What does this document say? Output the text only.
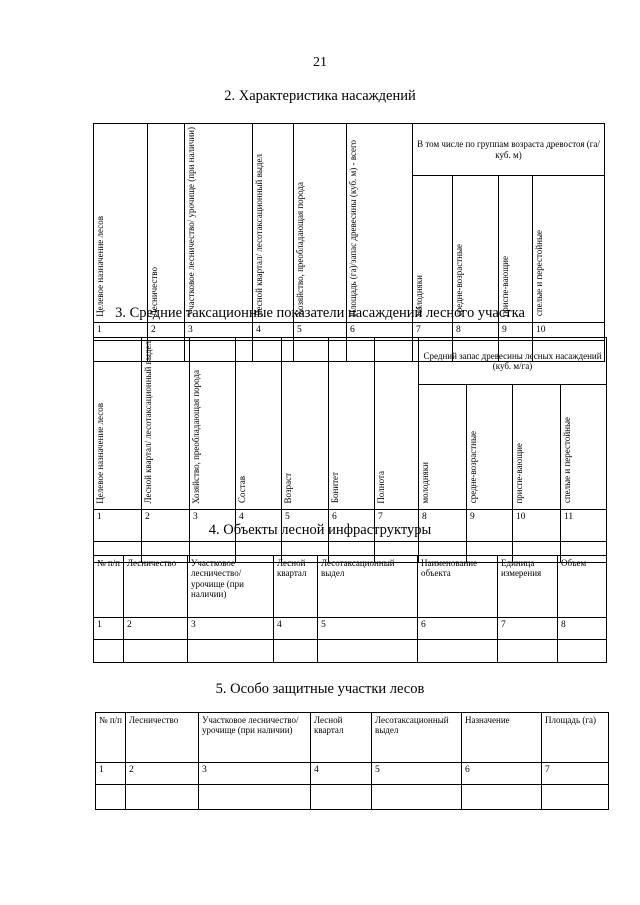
21
2. Характеристика насаждений
Целевое назначение лесов	Лесничество	Участковое лесничество/ урочище (при наличии)	Лесной квартал/ лесотаксационный выдел	Хозяйство, преобладающая порода	Площадь (га)/запас древесины (куб. м) - всего	В том числе по группам возраста древостоя (га/куб. м)			
						молодняки	средне-возрастные	приспе-вающие	спелые и перестойные
1	2	3	4	5	6	7	8	9	10

3. Средние таксационные показатели насаждений лесного участка
Целевое назначение лесов	Лесной квартал/ лесотаксационный выдел	Хозяйство, преобладающая порода	Состав	Возраст	Бонитет	Полнота	Средний запас древесины лесных насаждений (куб. м/га)			
							молодняки	средне-возрастные	приспе-вающие	спелые и перестойные
1	2	3	4	5	6	7	8	9	10	11

4. Объекты лесной инфраструктуры
№ п/п	Лесничество	Участковое лесничество/ урочище (при наличии)	Лесной квартал	Лесотаксационный выдел	Наименование объекта	Единица измерения	Объем
1	2	3	4	5	6	7	8

5. Особо защитные участки лесов
№ п/п	Лесничество	Участковое лесничество/урочище (при наличии)	Лесной квартал	Лесотаксационный выдел	Назначение	Площадь (га)
1	2	3	4	5	6	7
